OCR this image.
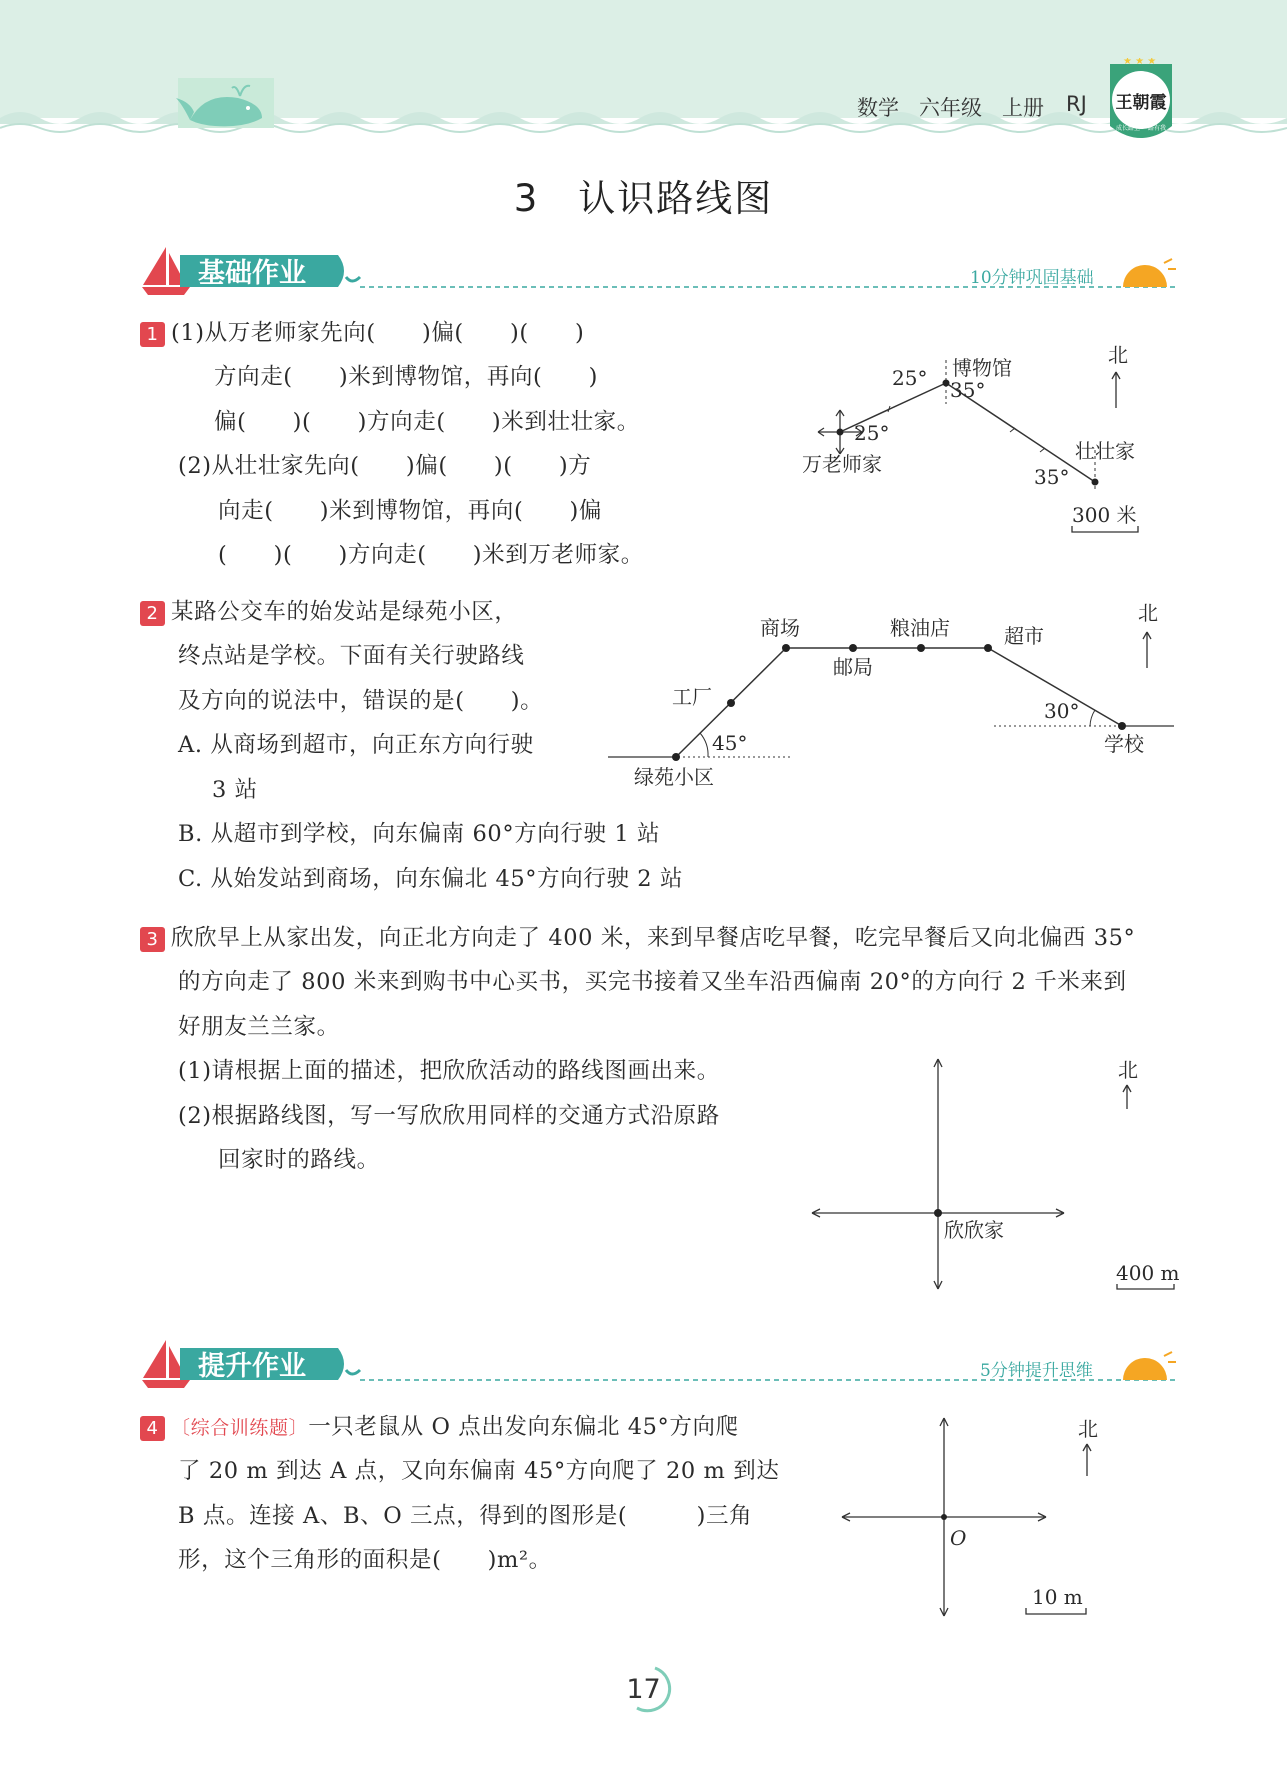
数学 六年级 上册 RJ
★ ★ ★
成长路上 一路有我
王朝霞
3　认识路线图
基础作业	10分钟巩固基础
1 (1)从万老师家先向(　　)偏(　　)(　　)
方向走(　　)米到博物馆，再向(　　)
偏(　　)(　　)方向走(　　)米到壮壮家。
(2)从壮壮家先向(　　)偏(　　)(　　)方
向走(　　)米到博物馆，再向(　　)偏
(　　)(　　)方向走(　　)米到万老师家。
博物馆
万老师家
壮壮家
25° 35°
25°
35°
北
300 米
2 某路公交车的始发站是绿苑小区，
终点站是学校。下面有关行驶路线
及方向的说法中，错误的是(　　)。
A. 从商场到超市，向正东方向行驶
3 站
B. 从超市到学校，向东偏南 60°方向行驶 1 站
C. 从始发站到商场，向东偏北 45°方向行驶 2 站
商场	粮油店	超市
邮局
工厂
绿苑小区
学校
45°
30°
北
3 欣欣早上从家出发，向正北方向走了 400 米，来到早餐店吃早餐，吃完早餐后又向北偏西 35°
的方向走了 800 米来到购书中心买书，买完书接着又坐车沿西偏南 20°的方向行 2 千米来到
好朋友兰兰家。
(1)请根据上面的描述，把欣欣活动的路线图画出来。
(2)根据路线图，写一写欣欣用同样的交通方式沿原路
回家时的路线。
欣欣家
北
400 m
提升作业	5分钟提升思维
4 〔综合训练题〕一只老鼠从 O 点出发向东偏北 45°方向爬
了 20 m 到达 A 点，又向东偏南 45°方向爬了 20 m 到达
B 点。连接 A、B、O 三点，得到的图形是(　　　)三角
形，这个三角形的面积是(　　)m²。
O
北
10 m
17
